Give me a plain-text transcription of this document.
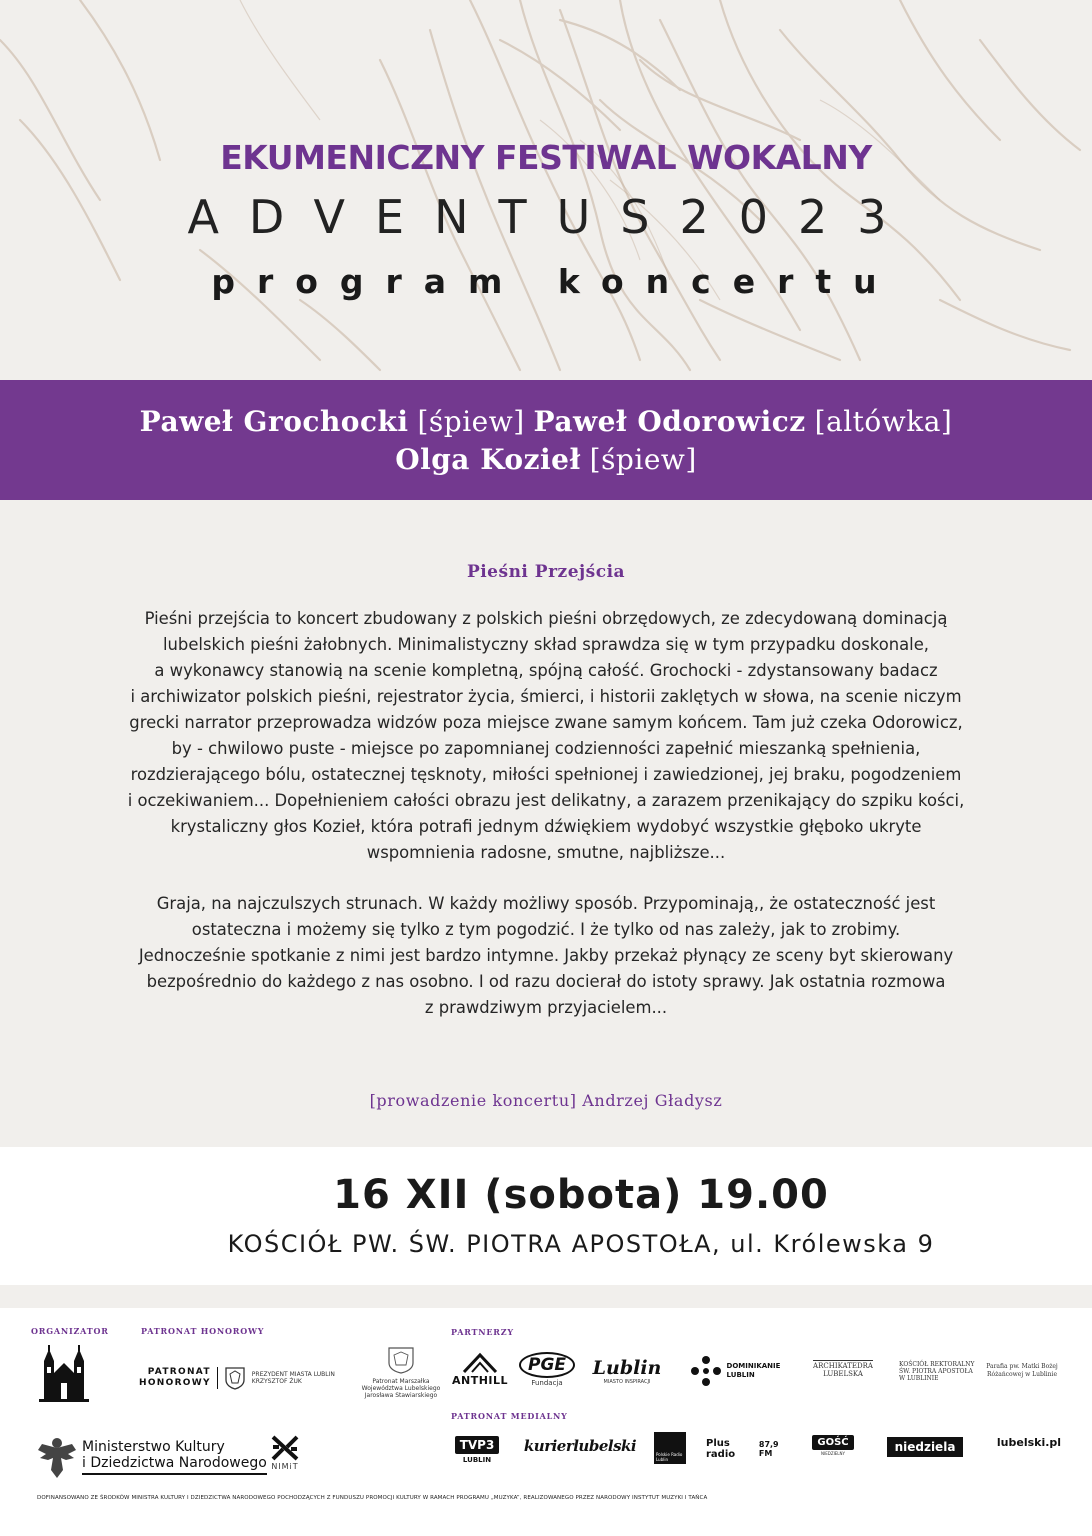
EKUMENICZNY FESTIWAL WOKALNY
ADVENTUS2023
program koncertu
Paweł Grochocki [śpiew] Paweł Odorowicz [altówka]
Olga Kozieł [śpiew]
Pieśni Przejścia
Pieśni przejścia to koncert zbudowany z polskich pieśni obrzędowych, ze zdecydowaną dominacją
lubelskich pieśni żałobnych. Minimalistyczny skład sprawdza się w tym przypadku doskonale,
a wykonawcy stanowią na scenie kompletną, spójną całość. Grochocki - zdystansowany badacz
i archiwizator polskich pieśni, rejestrator życia, śmierci, i historii zaklętych w słowa, na scenie niczym
grecki narrator przeprowadza widzów poza miejsce zwane samym końcem. Tam już czeka Odorowicz,
by - chwilowo puste - miejsce po zapomnianej codzienności zapełnić mieszanką spełnienia,
rozdzierającego bólu, ostatecznej tęsknoty, miłości spełnionej i zawiedzionej, jej braku, pogodzeniem
i oczekiwaniem... Dopełnieniem całości obrazu jest delikatny, a zarazem przenikający do szpiku kości,
krystaliczny głos Kozieł, która potrafi jednym dźwiękiem wydobyć wszystkie głęboko ukryte
wspomnienia radosne, smutne, najbliższe...
Graja, na najczulszych strunach. W każdy możliwy sposób. Przypominają,, że ostateczność jest
ostateczna i możemy się tylko z tym pogodzić. I że tylko od nas zależy, jak to zrobimy.
Jednocześnie spotkanie z nimi jest bardzo intymne. Jakby przekaż płynący ze sceny byt skierowany
bezpośrednio do każdego z nas osobno. I od razu docierał do istoty sprawy. Jak ostatnia rozmowa
z prawdziwym przyjacielem...
[prowadzenie koncertu] Andrzej Gładysz
16 XII (sobota) 19.00
KOŚCIÓŁ PW. ŚW. PIOTRA APOSTOŁA, ul. Królewska 9
ORGANIZATOR	PATRONAT HONOROWY	PARTNERZY
PATRONAT MEDIALNY
PATRONAT
HONOROWY
PREZYDENT MIASTA LUBLIN
KRZYSZTOF ŻUK	Patronat Marszałka
Województwa Lubelskiego
Jarosława Stawiarskiego
Ministerstwo Kultury
i Dziedzictwa Narodowego NIMiT
ANTHILL
PGE
Fundacja
Lublin
MIASTO INSPIRACJI
DOMINIKANIE
LUBLIN
ARCHIKATEDRA
LUBELSKA
KOŚCIÓŁ REKTORALNY
ŚW. PIOTRA APOSTOŁA
W LUBLINIE
Parafia pw. Matki Bożej
Różańcowej w Lublinie
TVP3
LUBLIN
kurierlubelski	Polskie Radio Lublin
Plus radio
87,9 FM
GOŚĆ
NIEDZIELNY	niedziela	lubelski.pl
DOFINANSOWANO ZE ŚRODKÓW MINISTRA KULTURY I DZIEDZICTWA NARODOWEGO POCHODZĄCYCH Z FUNDUSZU PROMOCJI KULTURY W RAMACH PROGRAMU „MUZYKA”, REALIZOWANEGO PRZEZ NARODOWY INSTYTUT MUZYKI I TAŃCA
